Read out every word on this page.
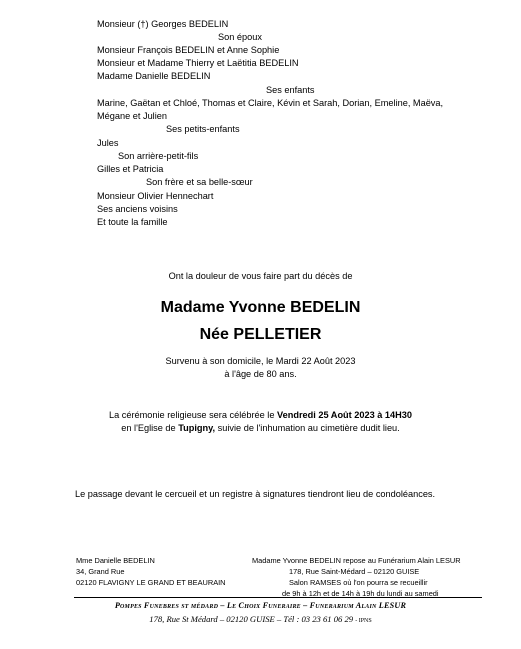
Monsieur (†) Georges BEDELIN
Son époux
Monsieur François BEDELIN et Anne Sophie
Monsieur et Madame Thierry et Laëtitia BEDELIN
Madame Danielle BEDELIN
Ses enfants
Marine, Gaëtan et Chloé, Thomas et Claire, Kévin et Sarah, Dorian, Emeline, Maëva,
Mégane et Julien
Ses petits-enfants
Jules
Son arrière-petit-fils
Gilles et Patricia
Son frère et sa belle-sœur
Monsieur Olivier Hennechart
Ses anciens voisins
Et toute la famille
Ont la douleur de vous faire part du décès de
Madame Yvonne BEDELIN
Née PELLETIER
Survenu à son domicile, le Mardi 22 Août 2023
à l'âge de 80 ans.
La cérémonie religieuse sera célébrée le Vendredi 25 Août 2023 à 14H30
en l'Eglise de Tupigny, suivie de l'inhumation au cimetière dudit lieu.
Le passage devant le cercueil et un registre à signatures tiendront lieu de condoléances.
Mme Danielle BEDELIN
34, Grand Rue
02120 FLAVIGNY LE GRAND ET BEAURAIN
Madame Yvonne BEDELIN repose au Funérarium Alain LESUR
178, Rue Saint-Médard – 02120 GUISE
Salon RAMSES où l'on pourra se recueillir
de 9h à 12h et de 14h à 19h du lundi au samedi
Pompes Funebres st médard – Le Choix Funeraire – Funerarium Alain LESUR
178, Rue St Médard – 02120 GUISE – Tél : 03 23 61 06 29 - IPNS
